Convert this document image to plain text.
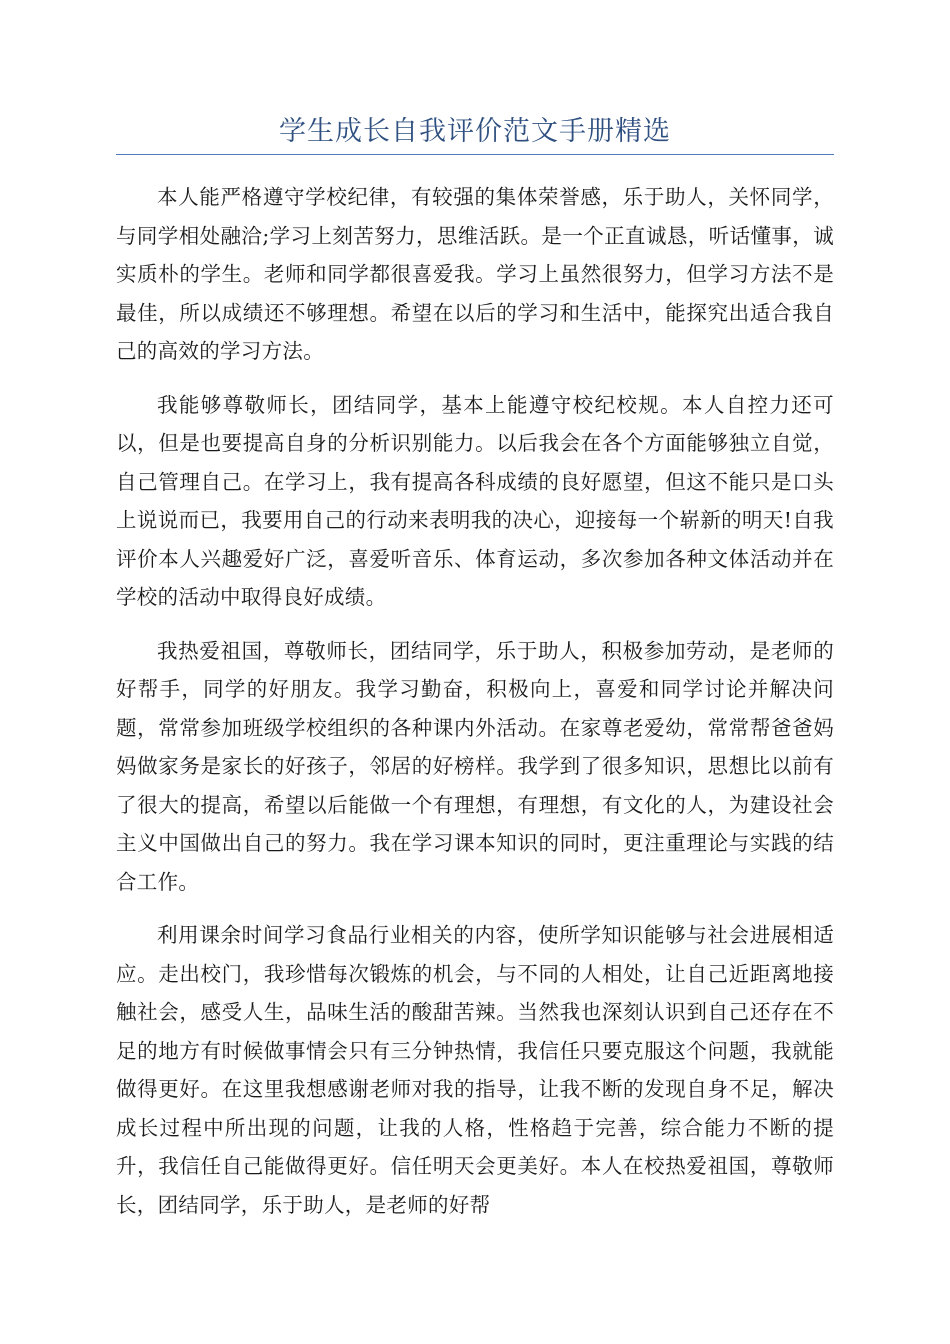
学生成长自我评价范文手册精选

本人能严格遵守学校纪律，有较强的集体荣誉感，乐于助人，关怀同学，与同学相处融洽;学习上刻苦努力，思维活跃。是一个正直诚恳，听话懂事，诚实质朴的学生。老师和同学都很喜爱我。学习上虽然很努力，但学习方法不是最佳，所以成绩还不够理想。希望在以后的学习和生活中，能探究出适合我自己的高效的学习方法。

我能够尊敬师长，团结同学，基本上能遵守校纪校规。本人自控力还可以，但是也要提高自身的分析识别能力。以后我会在各个方面能够独立自觉，自己管理自己。在学习上，我有提高各科成绩的良好愿望，但这不能只是口头上说说而已，我要用自己的行动来表明我的决心，迎接每一个崭新的明天!自我评价本人兴趣爱好广泛，喜爱听音乐、体育运动，多次参加各种文体活动并在学校的活动中取得良好成绩。

我热爱祖国，尊敬师长，团结同学，乐于助人，积极参加劳动，是老师的好帮手，同学的好朋友。我学习勤奋，积极向上，喜爱和同学讨论并解决问题，常常参加班级学校组织的各种课内外活动。在家尊老爱幼，常常帮爸爸妈妈做家务是家长的好孩子，邻居的好榜样。我学到了很多知识，思想比以前有了很大的提高，希望以后能做一个有理想，有理想，有文化的人，为建设社会主义中国做出自己的努力。我在学习课本知识的同时，更注重理论与实践的结合工作。

利用课余时间学习食品行业相关的内容，使所学知识能够与社会进展相适应。走出校门，我珍惜每次锻炼的机会，与不同的人相处，让自己近距离地接触社会，感受人生，品味生活的酸甜苦辣。当然我也深刻认识到自己还存在不足的地方有时候做事情会只有三分钟热情，我信任只要克服这个问题，我就能做得更好。在这里我想感谢老师对我的指导，让我不断的发现自身不足，解决成长过程中所出现的问题，让我的人格，性格趋于完善，综合能力不断的提升，我信任自己能做得更好。信任明天会更美好。本人在校热爱祖国，尊敬师长，团结同学，乐于助人，是老师的好帮
